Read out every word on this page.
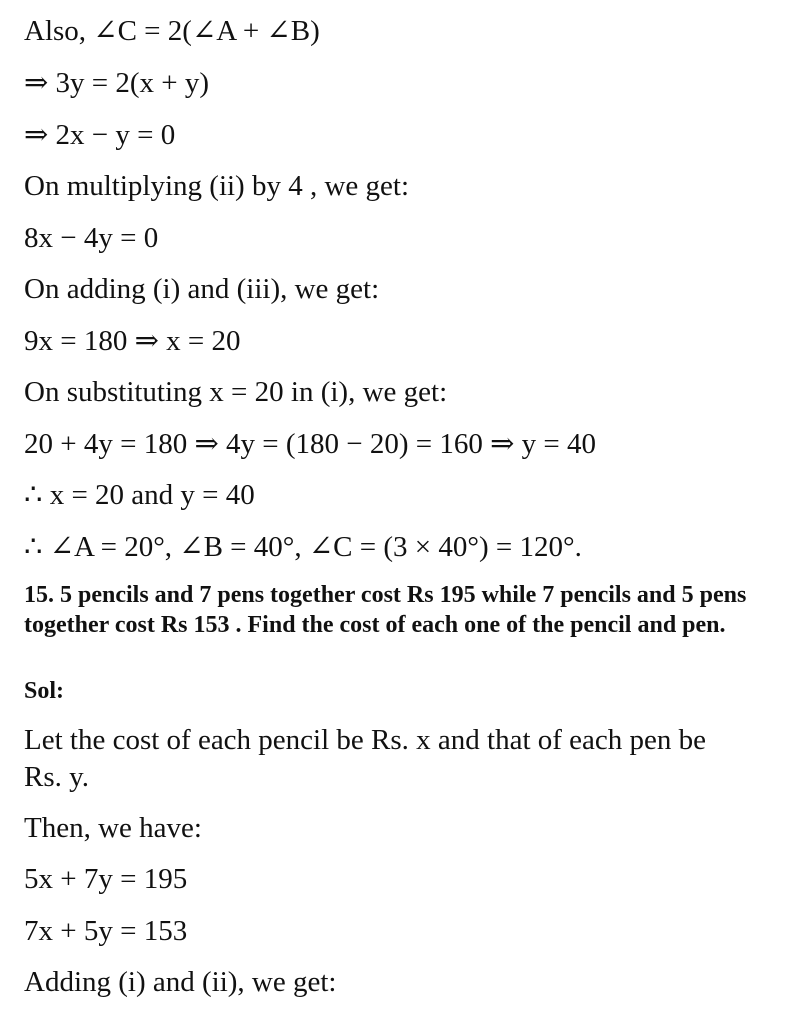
Also, ∠C = 2(∠A + ∠B)
⇒ 3y = 2(x + y)
⇒ 2x − y = 0
On multiplying (ii) by 4 , we get:
8x − 4y = 0
On adding (i) and (iii), we get:
9x = 180 ⇒ x = 20
On substituting x = 20 in (i), we get:
20 + 4y = 180 ⇒ 4y = (180 − 20) = 160 ⇒ y = 40
∴ x = 20 and y = 40
∴ ∠A = 20°, ∠B = 40°, ∠C = (3 × 40°) = 120°.
15. 5 pencils and 7 pens together cost Rs 195 while 7 pencils and 5 pens together cost Rs 153 . Find the cost of each one of the pencil and pen.
Sol:
Let the cost of each pencil be Rs. x and that of each pen be Rs. y.
Then, we have:
5x + 7y = 195
7x + 5y = 153
Adding (i) and (ii), we get:
